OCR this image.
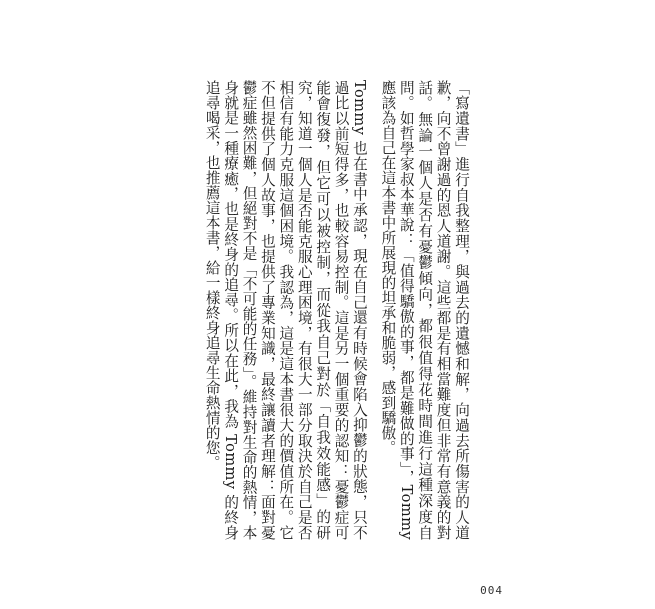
「寫遺書」進行自我整理，與過去的遺憾和解，向過去所傷害的人道歉，向不曾謝過的恩人道謝。這些都是有相當難度但非常有意義的對話。無論一個人是否有憂鬱傾向，都很值得花時間進行這種深度自問。如哲學家叔本華說：「值得驕傲的事，都是難做的事」，Tommy 應該為自己在這本書中所展現的坦承和脆弱，感到驕傲。

Tommy 也在書中承認，現在自己還有時候會陷入抑鬱的狀態，只不過比以前短得多，也較容易控制。這是另一個重要的認知：憂鬱症可能會復發，但它可以被控制，而從我自己對於「自我效能感」的研究，知道一個人是否能克服心理困境，有很大一部分取決於自己是否相信有能力克服這個困境。我認為，這是這本書很大的價值所在。它不但提供了個人故事，也提供了專業知識，最終讓讀者理解：面對憂鬱症雖然困難，但絕對不是「不可能的任務」。維持對生命的熱情，本身就是一種療癒，也是終身的追尋。所以在此，我為 Tommy 的終身追尋喝采，也推薦這本書，給一樣終身追尋生命熱情的您。

004
